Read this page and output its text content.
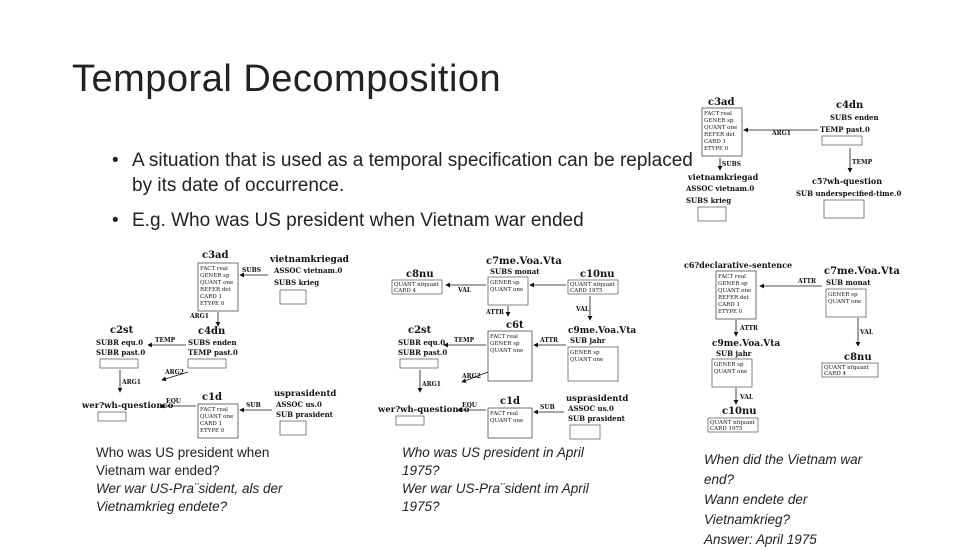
Temporal Decomposition
• A situation that is used as a temporal specification can be replaced by its date of occurrence.
• E.g. Who was US president when Vietnam war ended
c3ad
FACT real
GENER sp
QUANT one
REFER det
CARD 1
ETYPE 0
vietnamkriegad
ASSOC vietnam.0
SUBS krieg
SUBS
ARG1
c2st
SUBR equ.0
SUBR past.0
c4dn
SUBS enden
TEMP past.0
TEMP
ARG1
ARG2
c1d
FACT real
QUANT one
CARD 1
ETYPE 0
wer?wh-questionco
EQU
usprasidentd
ASSOC us.0
SUB prasident
SUB
c8nu
QUANT nfquant
CARD 4
c7me.Voa.Vta
SUBS monat
GENER sp
QUANT one
VAL
c10nu
QUANT nfquant
CARD 1975
ATTR	VAL
c6t
FACT real
GENER sp
QUANT one
c2st
SUBR equ.0
SUBR past.0
TEMP
c9me.Voa.Vta
SUB jahr
GENER sp
QUANT one
ATTR
ARG1
ARG2
c1d
FACT real
QUANT one
wer?wh-questionco
EQU
usprasidentd
ASSOC us.0
SUB prasident
SUB
c3ad
FACT real
GENER sp
QUANT one
REFER det
CARD 1
ETYPE 0
c4dn
SUBS enden
TEMP past.0
ARG1
SUBS
vietnamkriegad
ASSOC vietnam.0
SUBS krieg
TEMP
c5?wh-question
SUB underspecified-time.0
c6?declarative-sentence
FACT real
GENER sp
QUANT one
REFER det
CARD 1
ETYPE 0
c7me.Voa.Vta
SUB monat
GENER sp
QUANT one
ATTR
ATTR
c9me.Voa.Vta
SUB jahr
GENER sp
QUANT one
VAL
c8nu
QUANT nfquant
CARD 4
VAL
c10nu
QUANT nfquant
CARD 1975
Who was US president when
Vietnam war ended?
Wer war US-Pra¨sident, als der
Vietnamkrieg endete?
Who was US president in April
1975?
Wer war US-Pra¨sident im April
1975?
When did the Vietnam war
end?
Wann endete der
Vietnamkrieg?
Answer: April 1975
